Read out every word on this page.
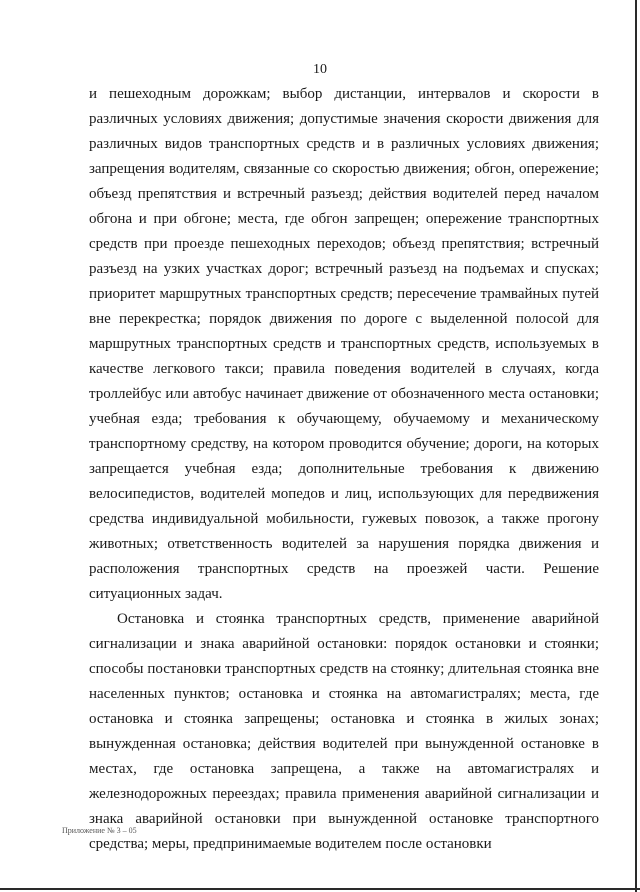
10

и пешеходным дорожкам; выбор дистанции, интервалов и скорости в различных условиях движения; допустимые значения скорости движения для различных видов транспортных средств и в различных условиях движения; запрещения водителям, связанные со скоростью движения; обгон, опережение; объезд препятствия и встречный разъезд; действия водителей перед началом обгона и при обгоне; места, где обгон запрещен; опережение транспортных средств при проезде пешеходных переходов; объезд препятствия; встречный разъезд на узких участках дорог; встречный разъезд на подъемах и спусках; приоритет маршрутных транспортных средств; пересечение трамвайных путей вне перекрестка; порядок движения по дороге с выделенной полосой для маршрутных транспортных средств и транспортных средств, используемых в качестве легкового такси; правила поведения водителей в случаях, когда троллейбус или автобус начинает движение от обозначенного места остановки; учебная езда; требования к обучающему, обучаемому и механическому транспортному средству, на котором проводится обучение; дороги, на которых запрещается учебная езда; дополнительные требования к движению велосипедистов, водителей мопедов и лиц, использующих для передвижения средства индивидуальной мобильности, гужевых повозок, а также прогону животных; ответственность водителей за нарушения порядка движения и расположения транспортных средств на проезжей части. Решение ситуационных задач.

Остановка и стоянка транспортных средств, применение аварийной сигнализации и знака аварийной остановки: порядок остановки и стоянки; способы постановки транспортных средств на стоянку; длительная стоянка вне населенных пунктов; остановка и стоянка на автомагистралях; места, где остановка и стоянка запрещены; остановка и стоянка в жилых зонах; вынужденная остановка; действия водителей при вынужденной остановке в местах, где остановка запрещена, а также на автомагистралях и железнодорожных переездах; правила применения аварийной сигнализации и знака аварийной остановки при вынужденной остановке транспортного средства; меры, предпринимаемые водителем после остановки

Приложение № 3 – 05
